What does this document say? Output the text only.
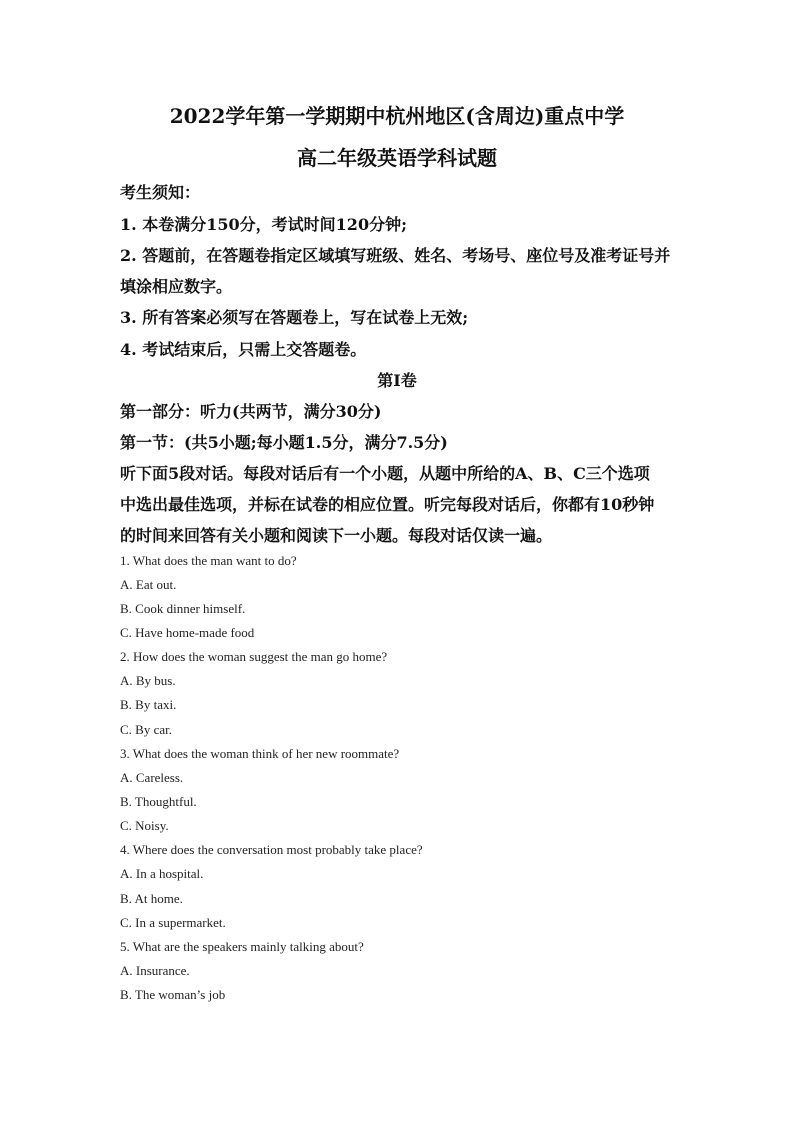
2022学年第一学期期中杭州地区(含周边)重点中学
高二年级英语学科试题
考生须知：
1. 本卷满分150分，考试时间120分钟;
2. 答题前，在答题卷指定区域填写班级、姓名、考场号、座位号及准考证号并
填涂相应数字。
3. 所有答案必须写在答题卷上，写在试卷上无效;
4. 考试结束后，只需上交答题卷。
第I卷
第一部分：听力(共两节，满分30分)
第一节：(共5小题;每小题1.5分，满分7.5分)
听下面5段对话。每段对话后有一个小题，从题中所给的A、B、C三个选项
中选出最佳选项，并标在试卷的相应位置。听完每段对话后，你都有10秒钟
的时间来回答有关小题和阅读下一小题。每段对话仅读一遍。
1. What does the man want to do?
A. Eat out.
B. Cook dinner himself.
C. Have home-made food
2. How does the woman suggest the man go home?
A. By bus.
B. By taxi.
C. By car.
3. What does the woman think of her new roommate?
A. Careless.
B. Thoughtful.
C. Noisy.
4. Where does the conversation most probably take place?
A. In a hospital.
B. At home.
C. In a supermarket.
5. What are the speakers mainly talking about?
A. Insurance.
B. The woman’s job
